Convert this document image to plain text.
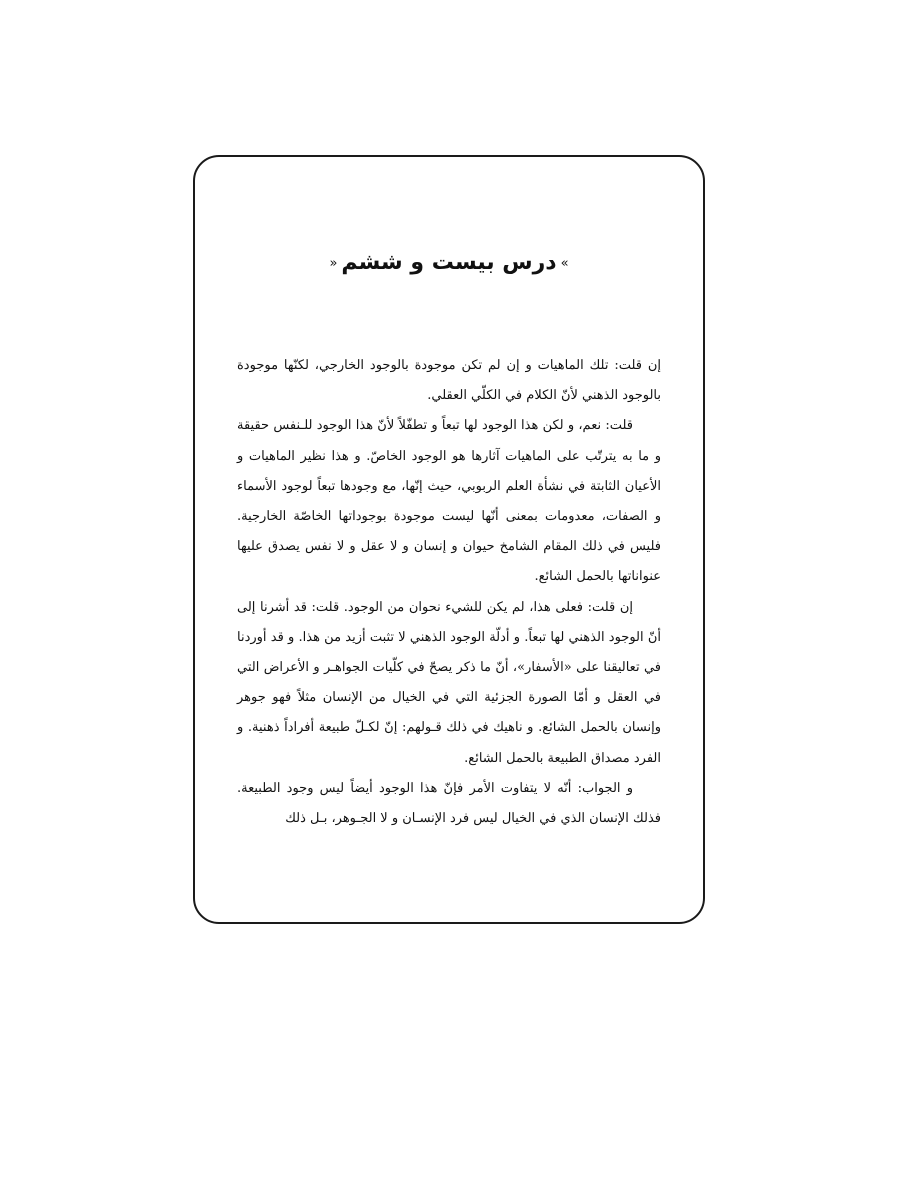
»درس بيست و ششم«

إن قلت: تلك الماهيات و إن لم تكن موجودة بالوجود الخارجي، لكنّها موجودة بالوجود الذهني لأنّ الكلام في الكلّي العقلي.

قلت: نعم، و لكن هذا الوجود لها تبعاً و تطفّلاً لأنّ هذا الوجود للـنفس حقيقة و ما به يترتّب على الماهيات آثارها هو الوجود الخاصّ. و هذا نظير الماهيات و الأعيان الثابتة في نشأة العلم الربوبي، حيث إنّها، مع وجودها تبعاً لوجود الأسماء و الصفات، معدومات بمعنى أنّها ليست موجودة بوجوداتها الخاصّة الخارجية. فليس في ذلك المقام الشامخ حيوان و إنسان و لا عقل و لا نفس يصدق عليها عنواناتها بالحمل الشائع.

إن قلت: فعلى هذا، لم يكن للشيء نحوان من الوجود. قلت: قد أشرنا إلى أنّ الوجود الذهني لها تبعاً. و أدلّة الوجود الذهني لا تثبت أزيد من هذا. و قد أوردنا في تعاليقنا على «الأسفار»، أنّ ما ذكر يصحّ في كلّيات الجواهـر و الأعراض التي في العقل و أمّا الصورة الجزئية التي في الخيال من الإنسان مثلاً فهو جوهر وإنسان بالحمل الشائع. و ناهيك في ذلك قـولهم: إنّ لكـلّ طبيعة أفراداً ذهنية. و الفرد مصداق الطبيعة بالحمل الشائع.

و الجواب: أنّه لا يتفاوت الأمر فإنّ هذا الوجود أيضاً ليس وجود الطبيعة. فذلك الإنسان الذي في الخيال ليس فرد الإنسـان و لا الجـوهر، بـل ذلك
